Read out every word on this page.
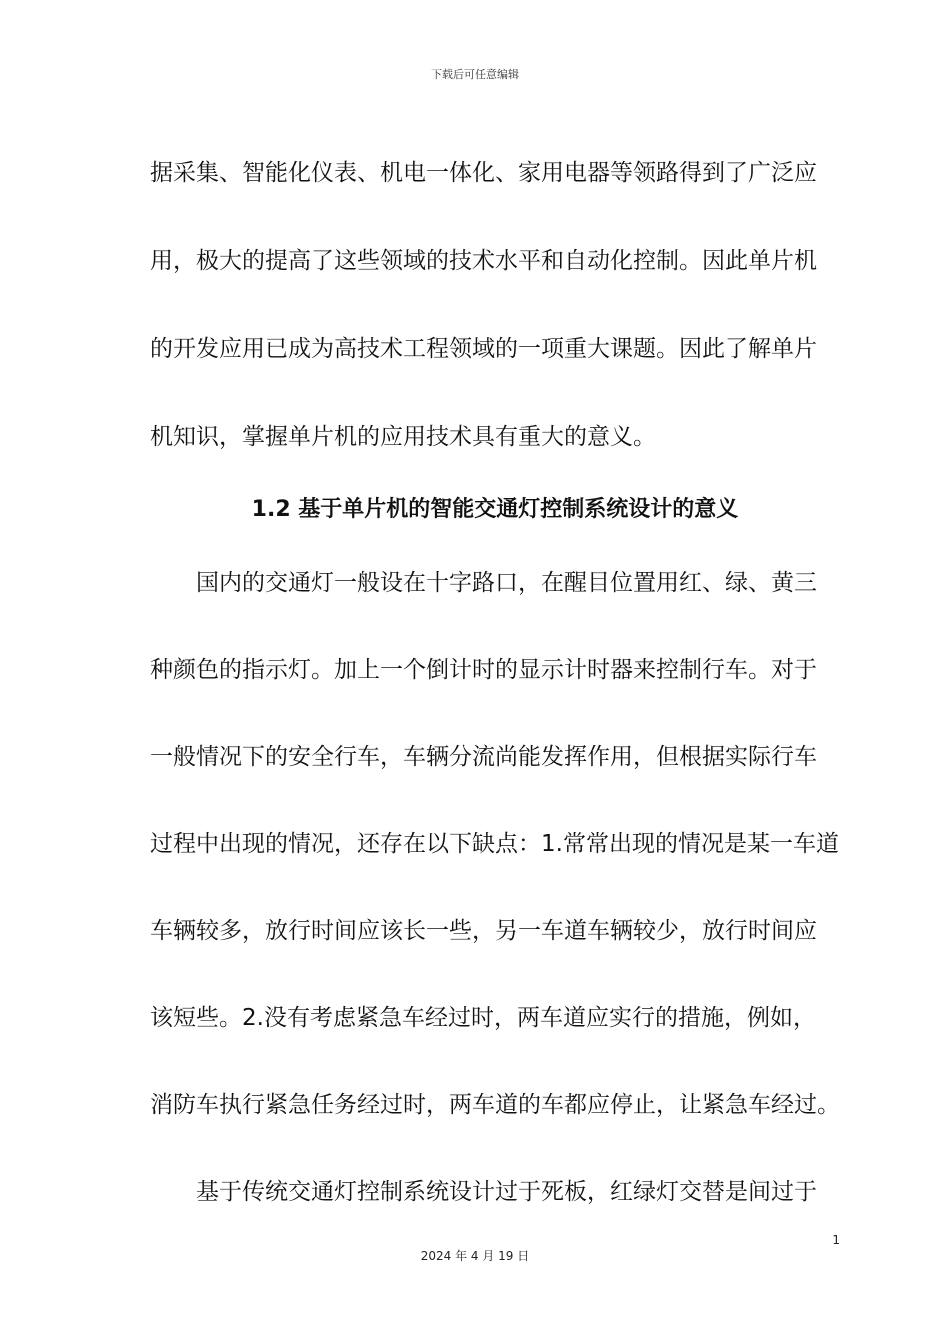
下载后可任意编辑
据采集、智能化仪表、机电一体化、家用电器等领路得到了广泛应
用，极大的提高了这些领域的技术水平和自动化控制。因此单片机
的开发应用已成为高技术工程领域的一项重大课题。因此了解单片
机知识，掌握单片机的应用技术具有重大的意义。
1.2 基于单片机的智能交通灯控制系统设计的意义
国内的交通灯一般设在十字路口，在醒目位置用红、绿、黄三
种颜色的指示灯。加上一个倒计时的显示计时器来控制行车。对于
一般情况下的安全行车，车辆分流尚能发挥作用，但根据实际行车
过程中出现的情况，还存在以下缺点：1.常常出现的情况是某一车道
车辆较多，放行时间应该长一些，另一车道车辆较少，放行时间应
该短些。2.没有考虑紧急车经过时，两车道应实行的措施，例如，
消防车执行紧急任务经过时，两车道的车都应停止，让紧急车经过。
基于传统交通灯控制系统设计过于死板，红绿灯交替是间过于
1
2024 年 4 月 19 日
